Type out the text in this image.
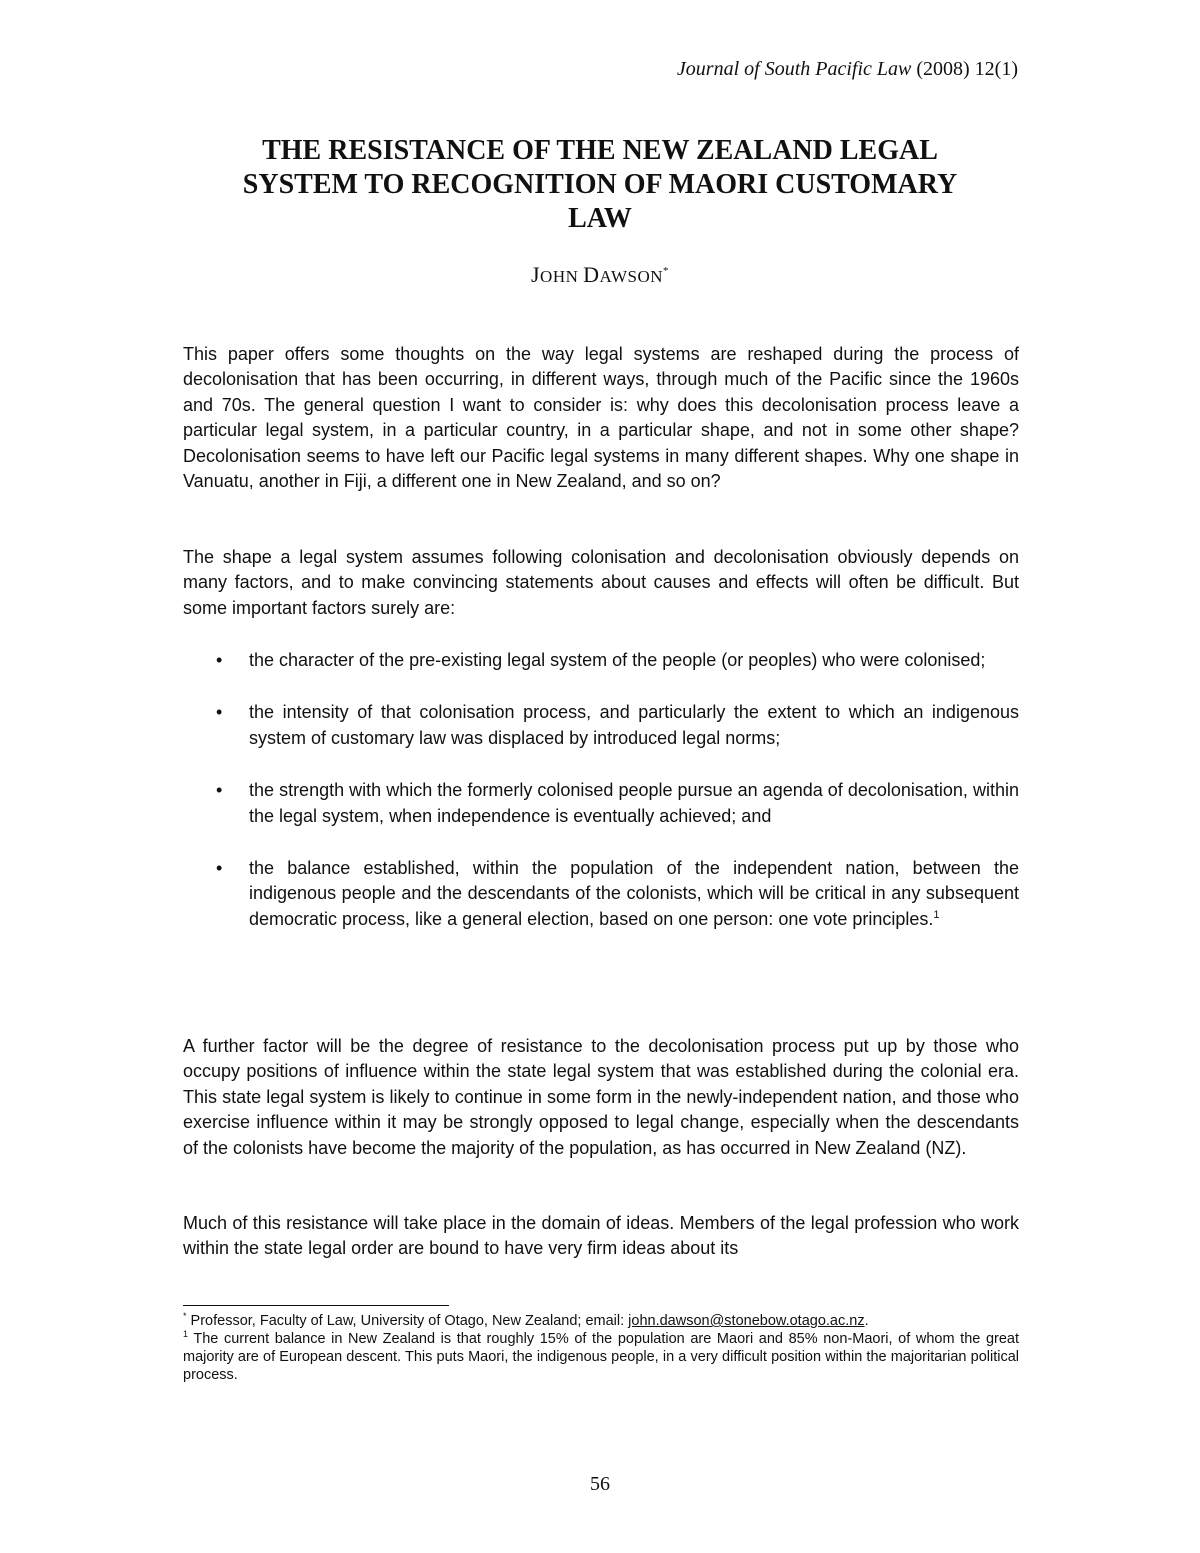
Journal of South Pacific Law (2008) 12(1)
THE RESISTANCE OF THE NEW ZEALAND LEGAL
SYSTEM TO RECOGNITION OF MAORI CUSTOMARY
LAW
JOHN DAWSON*

This paper offers some thoughts on the way legal systems are reshaped during the process of decolonisation that has been occurring, in different ways, through much of the Pacific since the 1960s and 70s. The general question I want to consider is: why does this decolonisation process leave a particular legal system, in a particular country, in a particular shape, and not in some other shape? Decolonisation seems to have left our Pacific legal systems in many different shapes. Why one shape in Vanuatu, another in Fiji, a different one in New Zealand, and so on?

The shape a legal system assumes following colonisation and decolonisation obviously depends on many factors, and to make convincing statements about causes and effects will often be difficult. But some important factors surely are:

• the character of the pre-existing legal system of the people (or peoples) who were colonised;
• the intensity of that colonisation process, and particularly the extent to which an indigenous system of customary law was displaced by introduced legal norms;
• the strength with which the formerly colonised people pursue an agenda of decolonisation, within the legal system, when independence is eventually achieved; and
• the balance established, within the population of the independent nation, between the indigenous people and the descendants of the colonists, which will be critical in any subsequent democratic process, like a general election, based on one person: one vote principles.$^1$

A further factor will be the degree of resistance to the decolonisation process put up by those who occupy positions of influence within the state legal system that was established during the colonial era. This state legal system is likely to continue in some form in the newly-independent nation, and those who exercise influence within it may be strongly opposed to legal change, especially when the descendants of the colonists have become the majority of the population, as has occurred in New Zealand (NZ).

Much of this resistance will take place in the domain of ideas. Members of the legal profession who work within the state legal order are bound to have very firm ideas about its

* Professor, Faculty of Law, University of Otago, New Zealand; email: john.dawson@stonebow.otago.ac.nz.

$^1$ The current balance in New Zealand is that roughly 15% of the population are Maori and 85% non-Maori, of whom the great majority are of European descent. This puts Maori, the indigenous people, in a very difficult position within the majoritarian political process.

56
